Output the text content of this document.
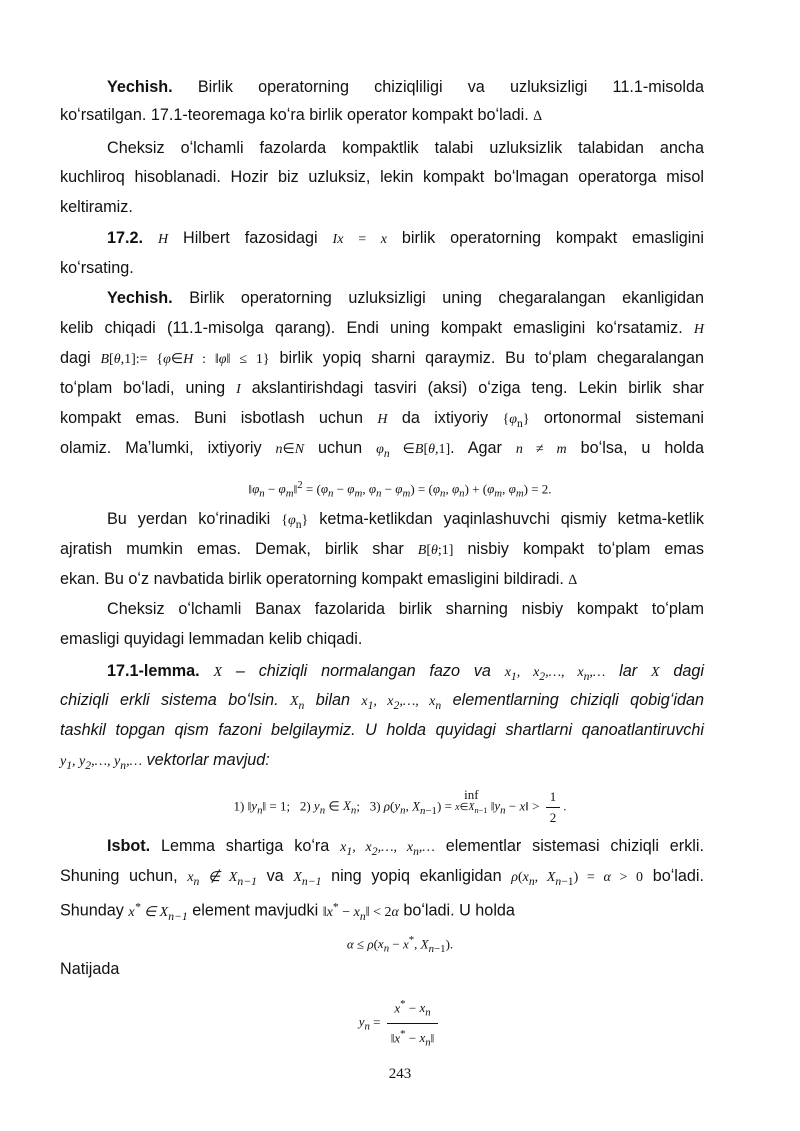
Yechish. Birlik operatorning chiziqliligi va uzluksizligi 11.1-misolda
koʻrsatilgan. 17.1-teoremaga koʻra birlik operator kompakt boʻladi. ∆
Cheksiz oʻlchamli fazolarda kompaktlik talabi uzluksizlik talabidan ancha
kuchliroq hisoblanadi. Hozir biz uzluksiz, lekin kompakt boʻlmagan operatorga misol
keltiramiz.
17.2. H Hilbert fazosidagi Ix = x birlik operatorning kompakt emasligini
koʻrsating.
Yechish. Birlik operatorning uzluksizligi uning chegaralangan ekanligidan
kelib chiqadi (11.1-misolga qarang). Endi uning kompakt emasligini koʻrsatamiz. H
dagi B[θ,1]:= {φ∈H : ‖φ‖ ≤ 1} birlik yopiq sharni qaraymiz. Bu toʻplam chegaralangan
toʻplam boʻladi, uning I akslantirishdagi tasviri (aksi) oʻziga teng. Lekin birlik shar
kompakt emas. Buni isbotlash uchun H da ixtiyoriy $\{\varphi_n\}$ ortonormal sistemani
olamiz. Maʼlumki, ixtiyoriy n∈N uchun $\varphi_n$ ∈B[θ,1]. Agar n ≠ m boʻlsa, u holda
$‖\varphi_n$ − $\varphi_m‖^2 = (\varphi_n - \varphi_m$, $\varphi_n - \varphi_m) = (\varphi_n$, $\varphi_n) + (\varphi_m$, $\varphi_m) = 2$.
Bu yerdan koʻrinadiki $\{\varphi_n\}$ ketma-ketlikdan yaqinlashuvchi qismiy ketma-ketlik
ajratish mumkin emas. Demak, birlik shar B[θ;1] nisbiy kompakt toʻplam emas
ekan. Bu oʻz navbatida birlik operatorning kompakt emasligini bildiradi. ∆
Cheksiz oʻlchamli Banax fazolarida birlik sharning nisbiy kompakt toʻplam
emasligi quyidagi lemmadan kelib chiqadi.
17.1-lemma. X – chiziqli normalangan fazo va $x_1$, $x_2,\dots$, $x_n,\dots$ lar X dagi
chiziqli erkli sistema boʻlsin. $X_n$ bilan $x_1$, $x_2,\dots$, $x_n$ elementlarning chiziqli qobigʻidan
tashkil topgan qism fazoni belgilaymiz. U holda quyidagi shartlarni qanoatlantiruvchi
$y_1$, $y_2,\dots$, $y_n,\dots$ vektorlar mavjud:
1) $‖y_n‖ = 1$;   2) $y_n$ ∈ $X_n$;   3) $\rho(y_n$, $X_{n-1}$) = inf
$x\in X_{n-1}$ $‖y_n$ − x‖ > $\frac{1}{2}$ .
Isbot. Lemma shartiga koʻra $x_1$, $x_2,\dots$, $x_n,\dots$ elementlar sistemasi chiziqli erkli.
Shuning uchun, $x_n$ ∉ $X_{n-1}$ va $X_{n-1}$ ning yopiq ekanligidan $\rho(x_n$, $X_{n-1}) = \alpha > 0$ boʻladi.
Shunday x* ∈ $X_{n-1}$ element mavjudki ‖x* − $x_n‖ < 2\alpha$ boʻladi. U holda
$\alpha \le \rho(x_n - x^*$, $X_{n-1}$).
Natijada
$y_n = \frac{x^* - x_n}{‖x^* - x_n‖}$
243
